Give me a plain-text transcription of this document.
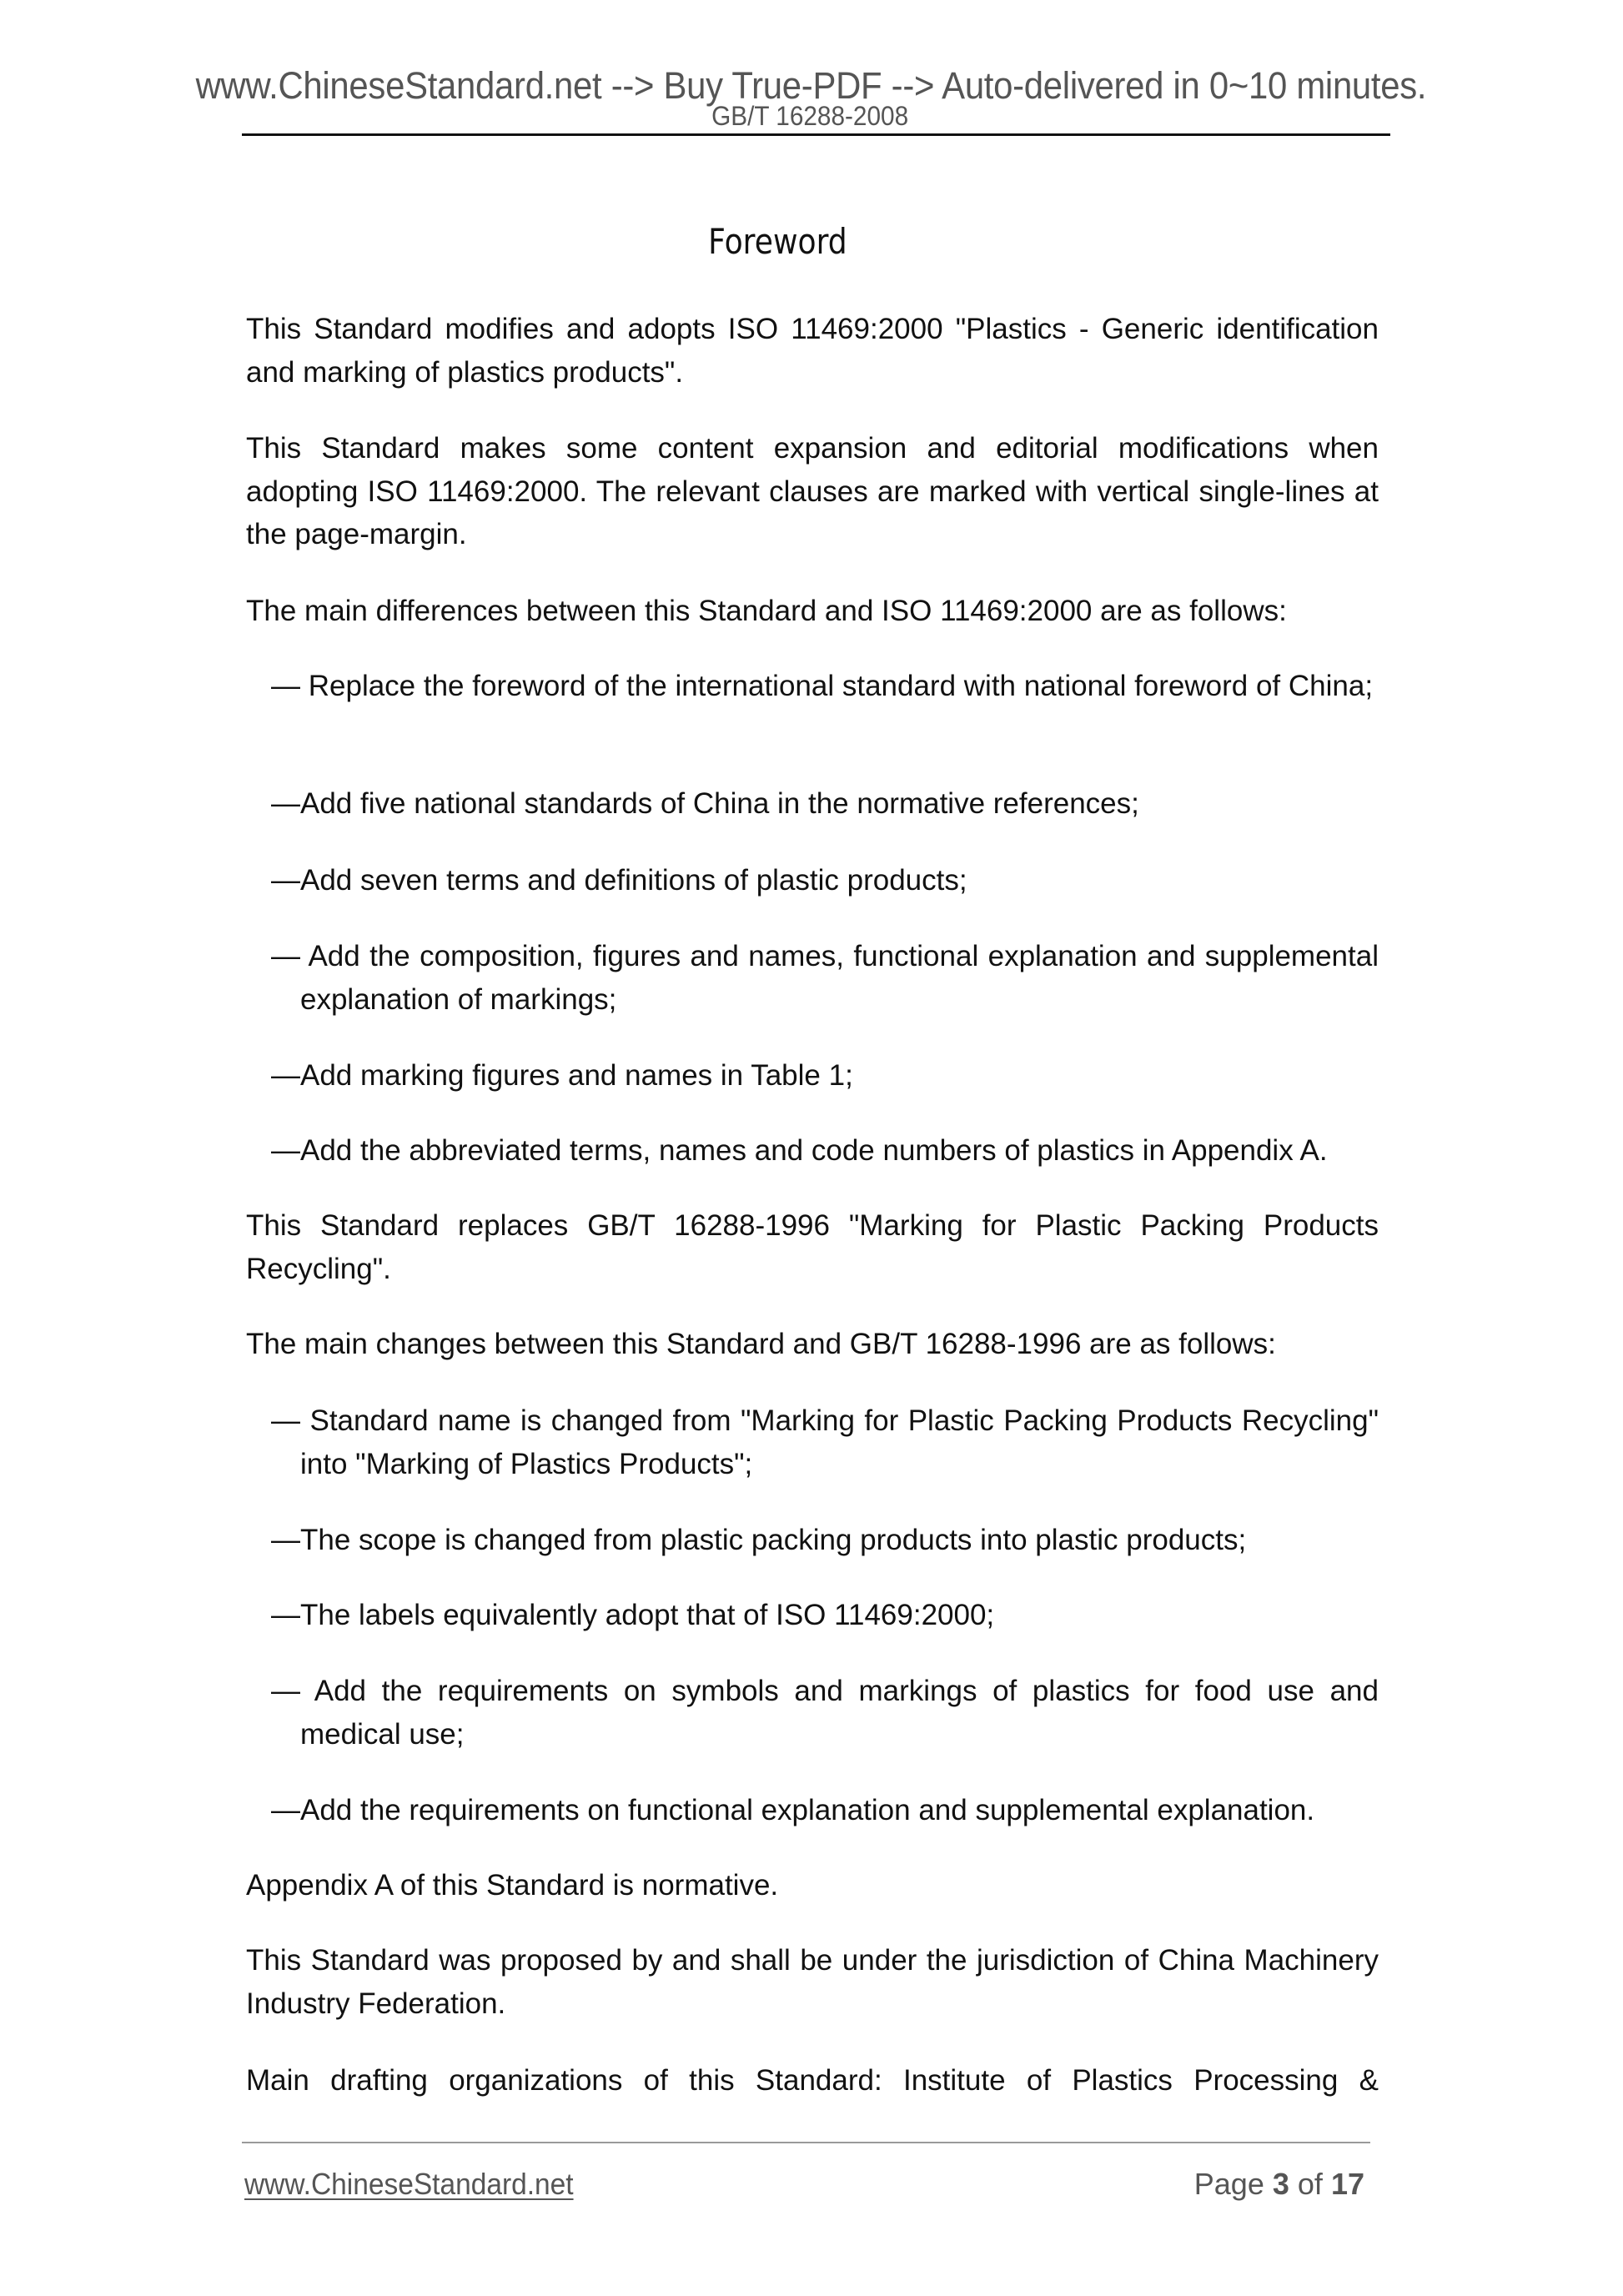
www.ChineseStandard.net --> Buy True-PDF --> Auto-delivered in 0~10 minutes.
GB/T 16288-2008
Foreword
This Standard modifies and adopts ISO 11469:2000 "Plastics - Generic identification and marking of plastics products".
This Standard makes some content expansion and editorial modifications when adopting ISO 11469:2000. The relevant clauses are marked with vertical single-lines at the page-margin.
The main differences between this Standard and ISO 11469:2000 are as follows:
— Replace the foreword of the international standard with national foreword of China;
—Add five national standards of China in the normative references;
—Add seven terms and definitions of plastic products;
— Add the composition, figures and names, functional explanation and supplemental explanation of markings;
—Add marking figures and names in Table 1;
—Add the abbreviated terms, names and code numbers of plastics in Appendix A.
This Standard replaces GB/T 16288-1996 "Marking for Plastic Packing Products Recycling".
The main changes between this Standard and GB/T 16288-1996 are as follows:
— Standard name is changed from "Marking for Plastic Packing Products Recycling" into "Marking of Plastics Products";
—The scope is changed from plastic packing products into plastic products;
—The labels equivalently adopt that of ISO 11469:2000;
— Add the requirements on symbols and markings of plastics for food use and medical use;
—Add the requirements on functional explanation and supplemental explanation.
Appendix A of this Standard is normative.
This Standard was proposed by and shall be under the jurisdiction of China Machinery Industry Federation.
Main drafting organizations of this Standard: Institute of Plastics Processing &
www.ChineseStandard.net	Page 3 of 17
